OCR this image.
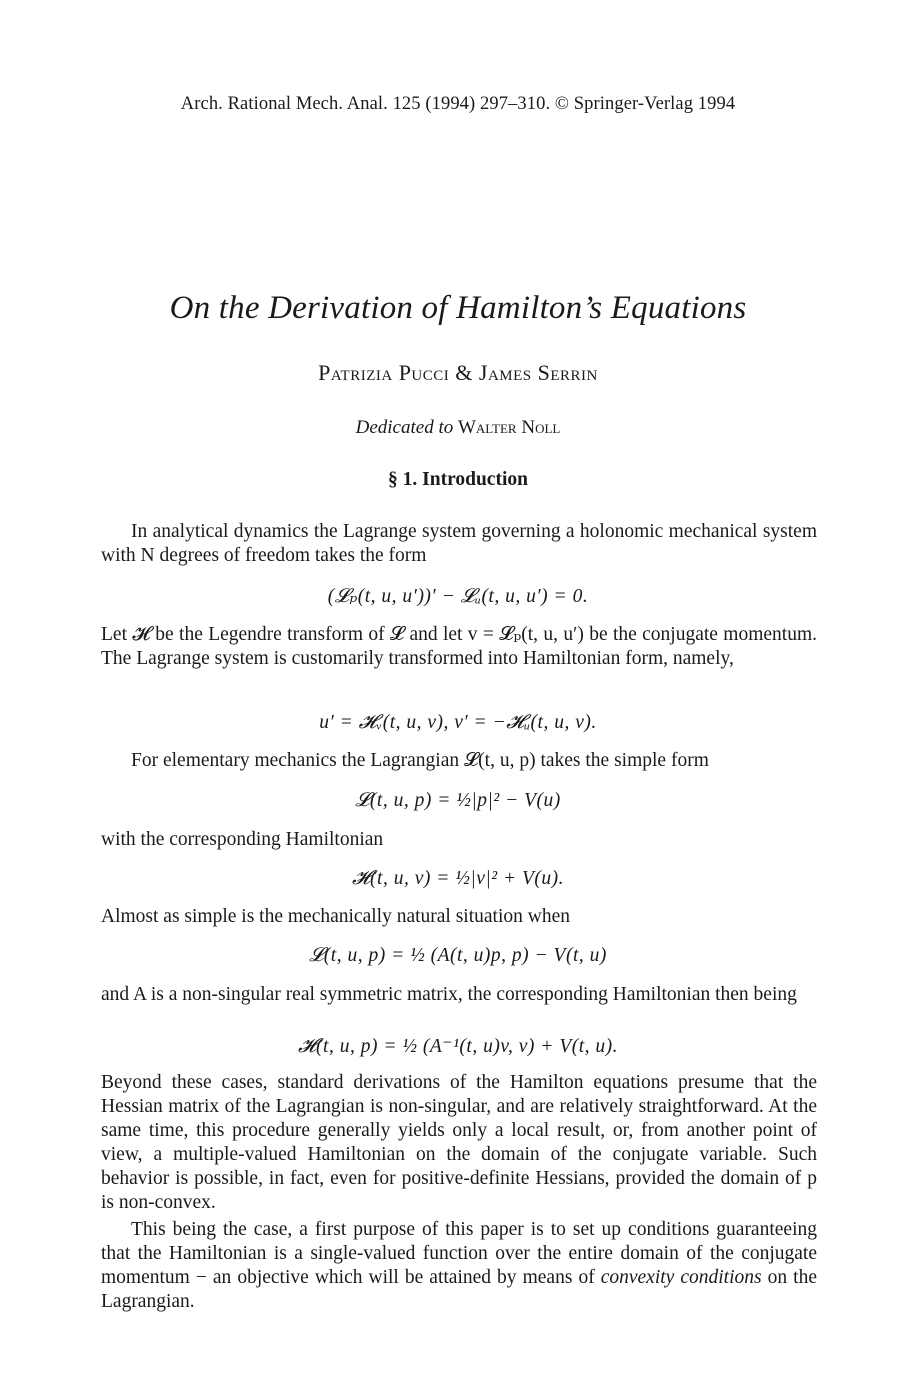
Arch. Rational Mech. Anal. 125 (1994) 297–310. © Springer-Verlag 1994
On the Derivation of Hamilton’s Equations
Patrizia Pucci & James Serrin
Dedicated to Walter Noll
§ 1. Introduction
In analytical dynamics the Lagrange system governing a holonomic mechanical system with N degrees of freedom takes the form
(𝓛ₚ(t, u, u′))′ − 𝓛ᵤ(t, u, u′) = 0.
Let 𝓗 be the Legendre transform of 𝓛 and let v = 𝓛ₚ(t, u, u′) be the conjugate momentum. The Lagrange system is customarily transformed into Hamiltonian form, namely,
u′ = 𝓗ᵥ(t, u, v), v′ = −𝓗ᵤ(t, u, v).
For elementary mechanics the Lagrangian 𝓛(t, u, p) takes the simple form
𝓛(t, u, p) = ½|p|² − V(u)
with the corresponding Hamiltonian
𝓗(t, u, v) = ½|v|² + V(u).
Almost as simple is the mechanically natural situation when
𝓛(t, u, p) = ½ (A(t, u)p, p) − V(t, u)
and A is a non-singular real symmetric matrix, the corresponding Hamiltonian then being
𝓗(t, u, p) = ½ (A⁻¹(t, u)v, v) + V(t, u).
Beyond these cases, standard derivations of the Hamilton equations presume that the Hessian matrix of the Lagrangian is non-singular, and are relatively straightforward. At the same time, this procedure generally yields only a local result, or, from another point of view, a multiple-valued Hamiltonian on the domain of the conjugate variable. Such behavior is possible, in fact, even for positive-definite Hessians, provided the domain of p is non-convex.
This being the case, a first purpose of this paper is to set up conditions guaranteeing that the Hamiltonian is a single-valued function over the entire domain of the conjugate momentum − an objective which will be attained by means of convexity conditions on the Lagrangian.
